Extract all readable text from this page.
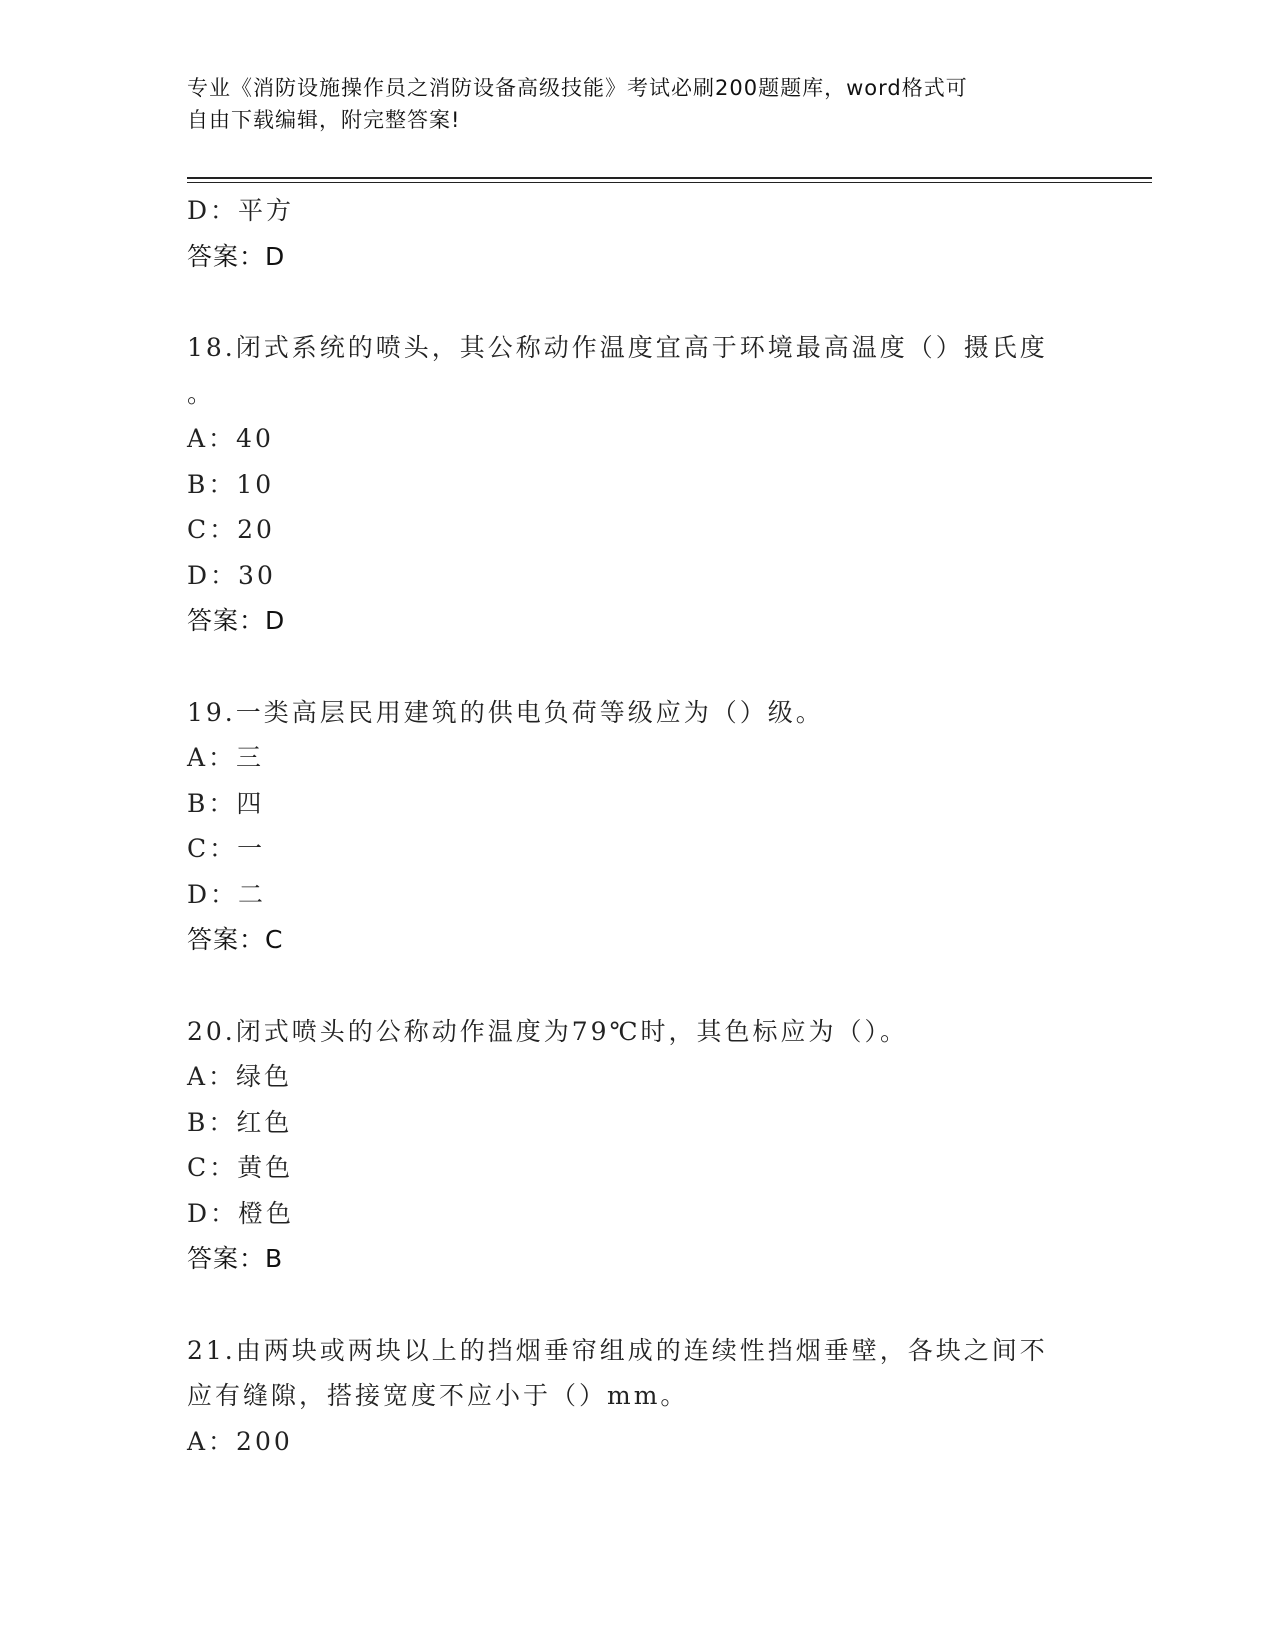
专业《消防设施操作员之消防设备高级技能》考试必刷200题题库，word格式可
自由下载编辑，附完整答案!
D：平方
答案：D
18.闭式系统的喷头，其公称动作温度宜高于环境最高温度（）摄氏度
。
A：40
B：10
C：20
D：30
答案：D
19.一类高层民用建筑的供电负荷等级应为（）级。
A：三
B：四
C：一
D：二
答案：C
20.闭式喷头的公称动作温度为79℃时，其色标应为（）。
A：绿色
B：红色
C：黄色
D：橙色
答案：B
21.由两块或两块以上的挡烟垂帘组成的连续性挡烟垂壁，各块之间不
应有缝隙，搭接宽度不应小于（）mm。
A：200
